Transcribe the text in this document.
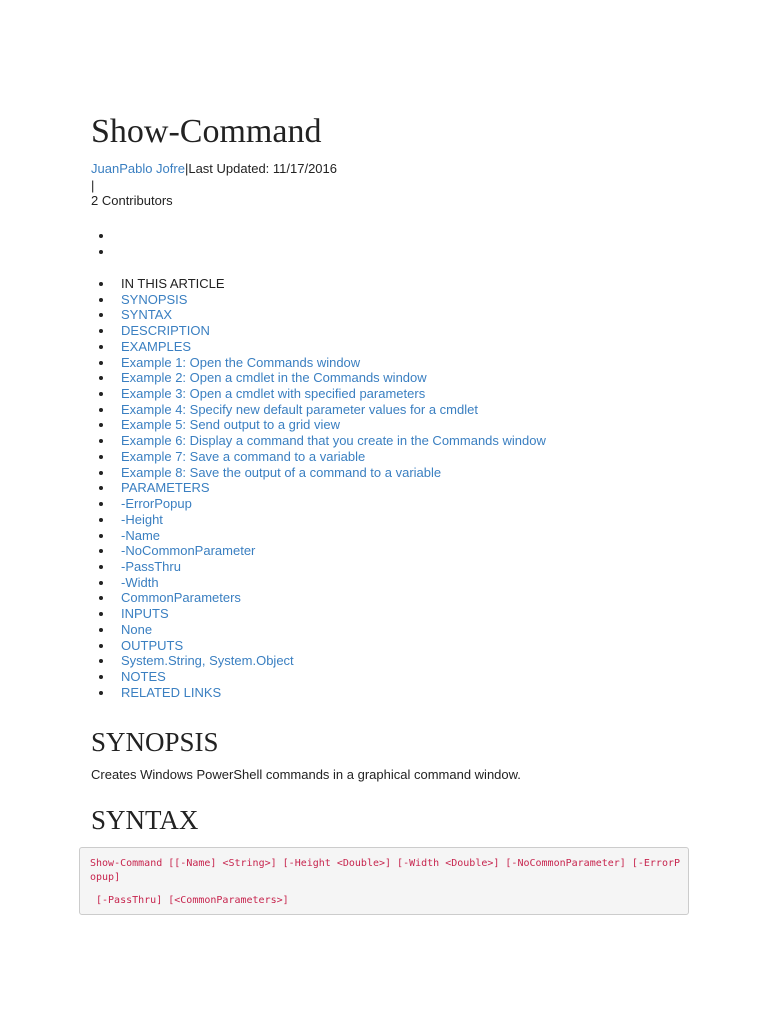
Show-Command
JuanPablo Jofre|Last Updated: 11/17/2016
|
2 Contributors
IN THIS ARTICLE
SYNOPSIS
SYNTAX
DESCRIPTION
EXAMPLES
Example 1: Open the Commands window
Example 2: Open a cmdlet in the Commands window
Example 3: Open a cmdlet with specified parameters
Example 4: Specify new default parameter values for a cmdlet
Example 5: Send output to a grid view
Example 6: Display a command that you create in the Commands window
Example 7: Save a command to a variable
Example 8: Save the output of a command to a variable
PARAMETERS
-ErrorPopup
-Height
-Name
-NoCommonParameter
-PassThru
-Width
CommonParameters
INPUTS
None
OUTPUTS
System.String, System.Object
NOTES
RELATED LINKS
SYNOPSIS
Creates Windows PowerShell commands in a graphical command window.
SYNTAX
Show-Command [[-Name] <String>] [-Height <Double>] [-Width <Double>] [-NoCommonParameter] [-ErrorPopup]
[-PassThru] [<CommonParameters>]
